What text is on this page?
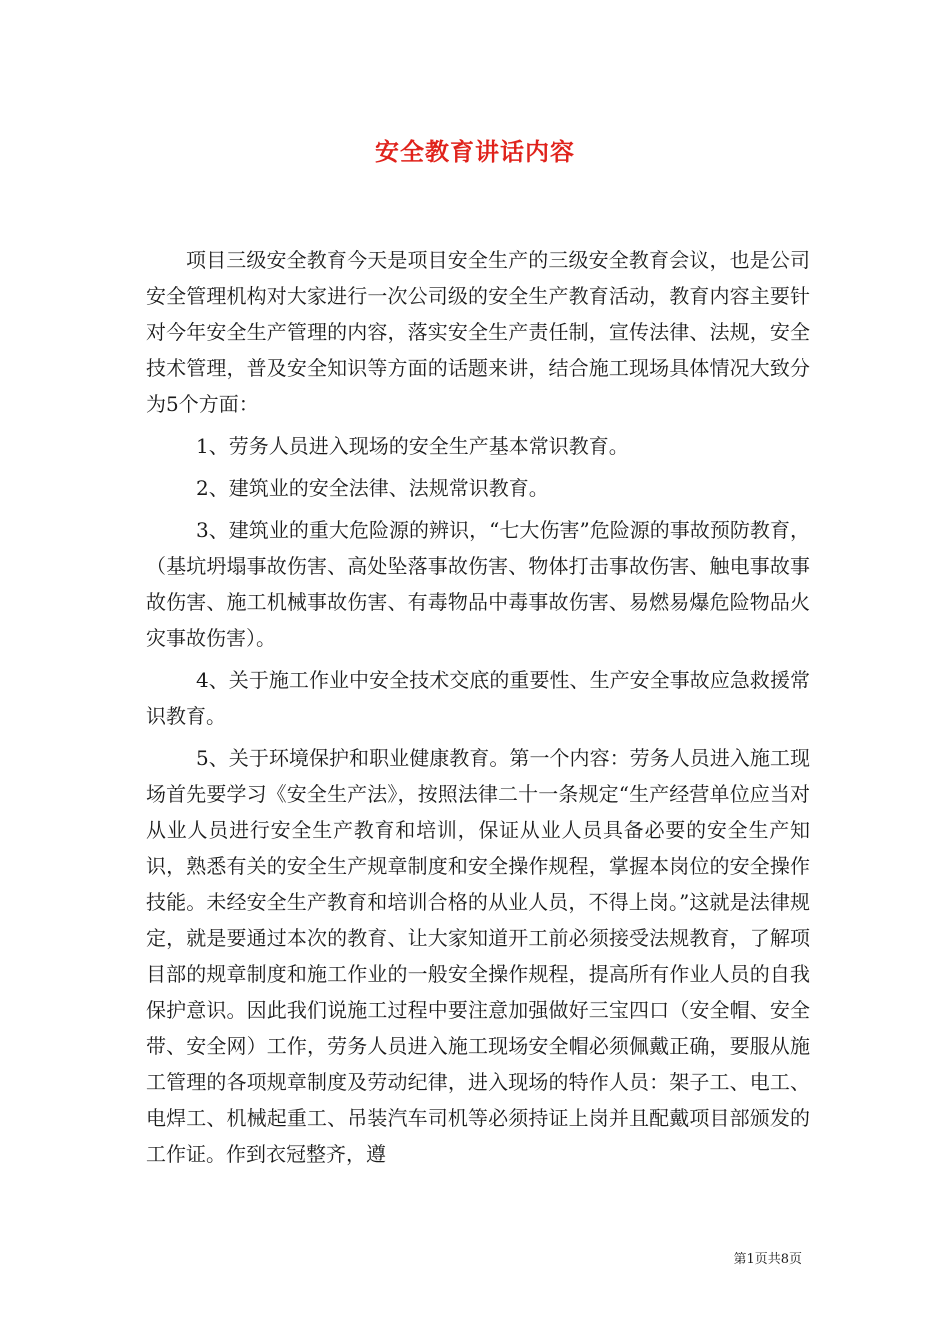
安全教育讲话内容

项目三级安全教育今天是项目安全生产的三级安全教育会议，也是公司安全管理机构对大家进行一次公司级的安全生产教育活动，教育内容主要针对今年安全生产管理的内容，落实安全生产责任制，宣传法律、法规，安全技术管理，普及安全知识等方面的话题来讲，结合施工现场具体情况大致分为5个方面：

1、劳务人员进入现场的安全生产基本常识教育。

2、建筑业的安全法律、法规常识教育。

3、建筑业的重大危险源的辨识，“七大伤害”危险源的事故预防教育，（基坑坍塌事故伤害、高处坠落事故伤害、物体打击事故伤害、触电事故事故伤害、施工机械事故伤害、有毒物品中毒事故伤害、易燃易爆危险物品火灾事故伤害）。

4、关于施工作业中安全技术交底的重要性、生产安全事故应急救援常识教育。

5、关于环境保护和职业健康教育。第一个内容：劳务人员进入施工现场首先要学习《安全生产法》，按照法律二十一条规定“生产经营单位应当对从业人员进行安全生产教育和培训，保证从业人员具备必要的安全生产知识，熟悉有关的安全生产规章制度和安全操作规程，掌握本岗位的安全操作技能。未经安全生产教育和培训合格的从业人员，不得上岗。”这就是法律规定，就是要通过本次的教育、让大家知道开工前必须接受法规教育，了解项目部的规章制度和施工作业的一般安全操作规程，提高所有作业人员的自我保护意识。因此我们说施工过程中要注意加强做好三宝四口（安全帽、安全带、安全网）工作，劳务人员进入施工现场安全帽必须佩戴正确，要服从施工管理的各项规章制度及劳动纪律，进入现场的特作人员：架子工、电工、电焊工、机械起重工、吊装汽车司机等必须持证上岗并且配戴项目部颁发的工作证。作到衣冠整齐，遵

第1页共8页
